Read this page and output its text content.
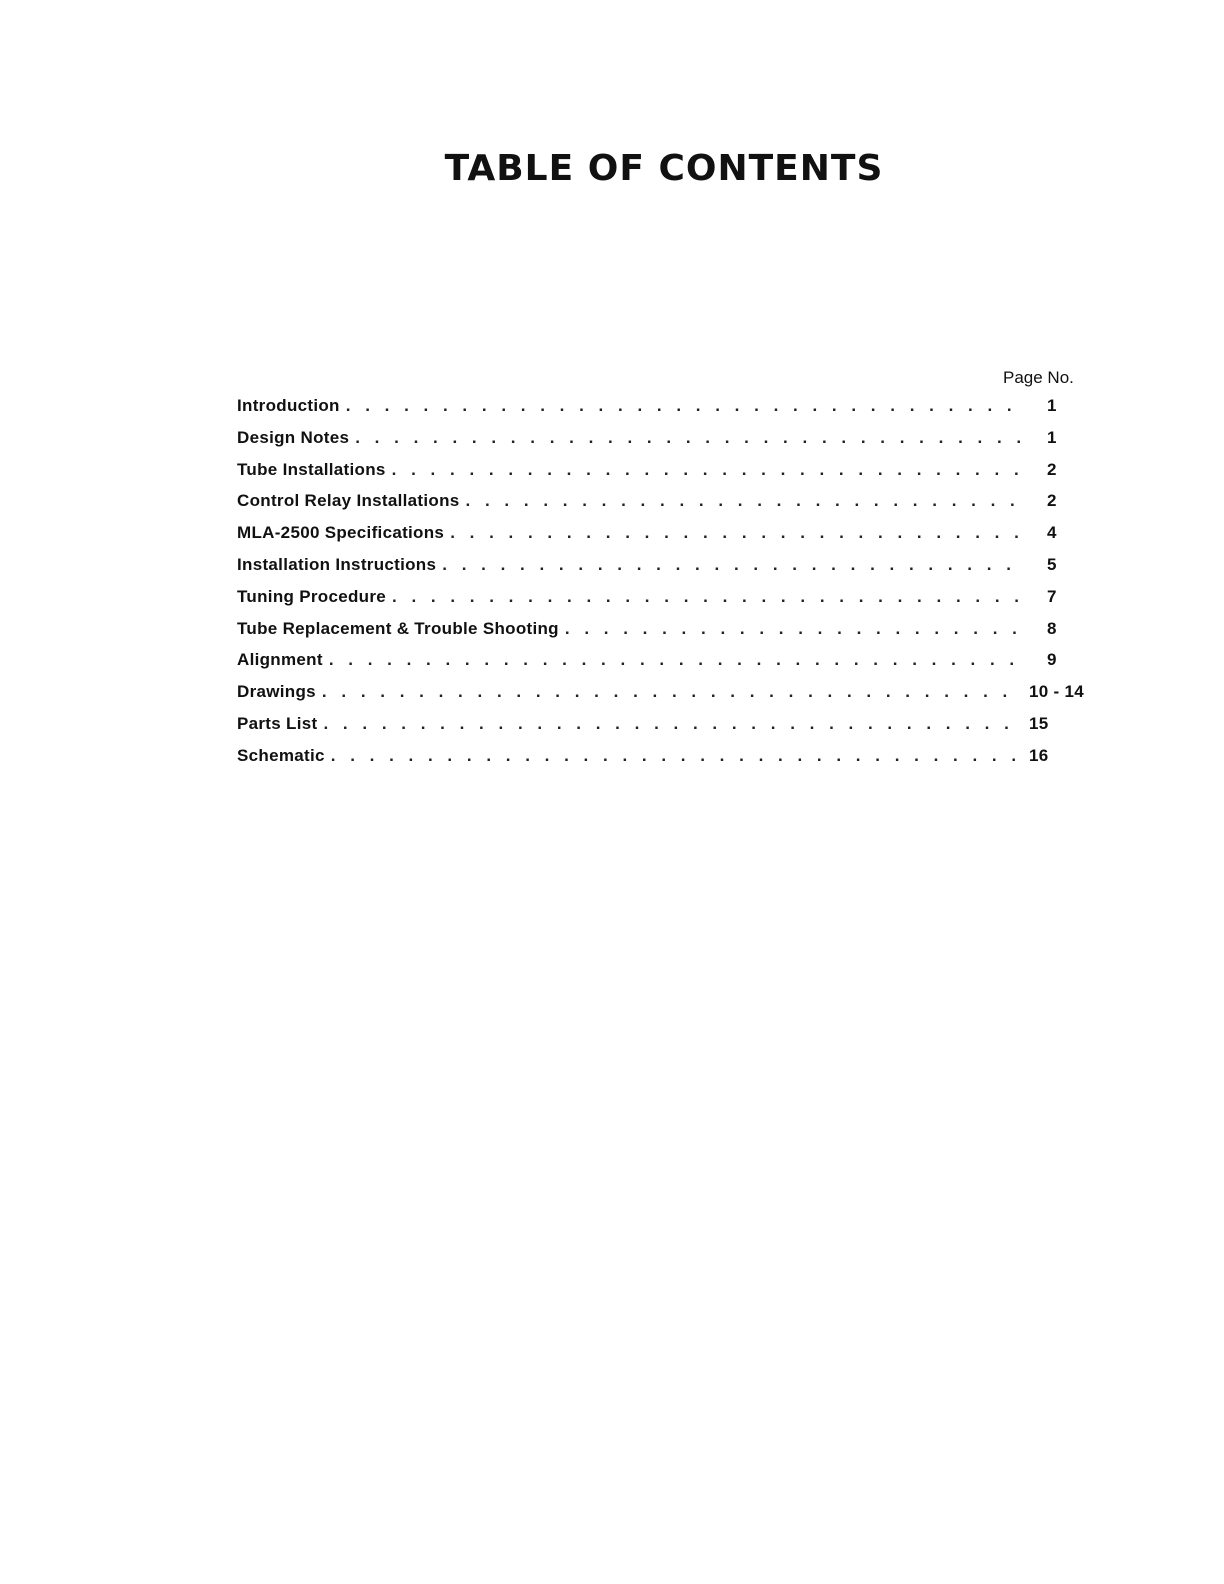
TABLE OF CONTENTS
Page No.
Introduction . . .	1
Design Notes . . .	1
Tube Installations . . .	2
Control Relay Installations . . .	2
MLA-2500 Specifications . . .	4
Installation Instructions . . .	5
Tuning Procedure . . .	7
Tube Replacement & Trouble Shooting . . .	8
Alignment . . .	9
Drawings . . .	10 - 14
Parts List . . .	15
Schematic . . .	16
